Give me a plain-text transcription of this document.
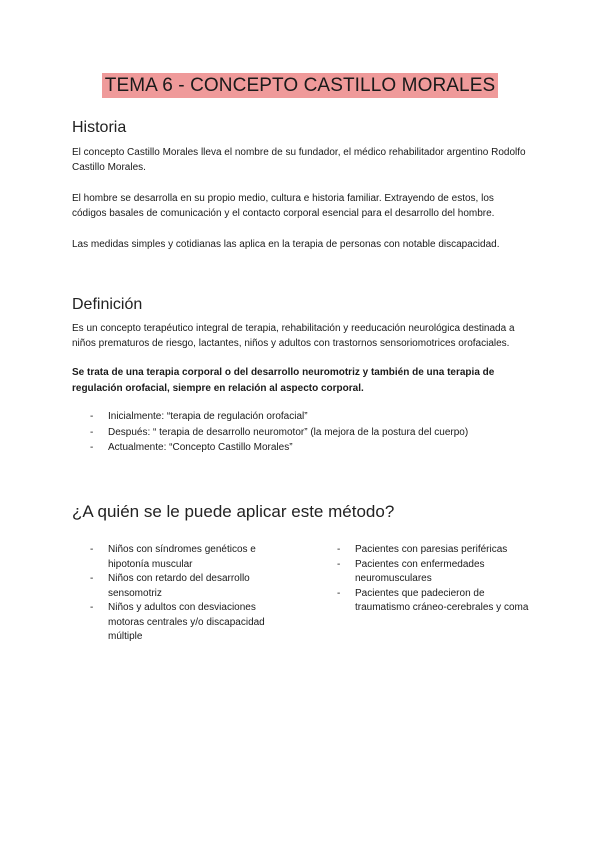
TEMA 6 - CONCEPTO CASTILLO MORALES
Historia

El concepto Castillo Morales lleva el nombre de su fundador, el médico rehabilitador argentino Rodolfo Castillo Morales.

El hombre se desarrolla en su propio medio, cultura e historia familiar. Extrayendo de estos, los códigos basales de comunicación y el contacto corporal esencial para el desarrollo del hombre.

Las medidas simples y cotidianas las aplica en la terapia de personas con notable discapacidad.

Definición

Es un concepto terapéutico integral de terapia, rehabilitación y reeducación neurológica destinada a niños prematuros de riesgo, lactantes, niños y adultos con trastornos sensoriomotrices orofaciales.

Se trata de una terapia corporal o del desarrollo neuromotriz y también de una terapia de regulación orofacial, siempre en relación al aspecto corporal.

- Inicialmente: “terapia de regulación orofacial”
- Después: “ terapia de desarrollo neuromotor” (la mejora de la postura del cuerpo)
- Actualmente: “Concepto Castillo Morales”
¿A quién se le puede aplicar este método?
- Niños con síndromes genéticos e hipotonía muscular
- Niños con retardo del desarrollo sensomotriz
- Niños y adultos con desviaciones motoras centrales y/o discapacidad múltiple
- Pacientes con paresias periféricas
- Pacientes con enfermedades neuromusculares
- Pacientes que padecieron de traumatismo cráneo-cerebrales y coma
